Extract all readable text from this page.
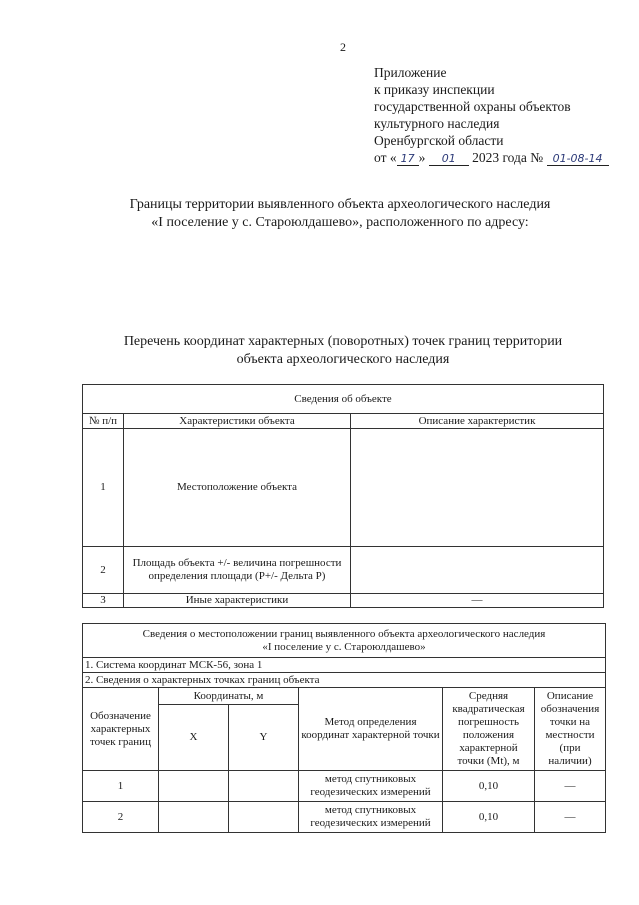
2
Приложение
к приказу инспекции
государственной охраны объектов
культурного наследия
Оренбургской области
от « 17 » 01 2023 года № 01-08-14
Границы территории выявленного объекта археологического наследия
«I поселение у с. Староюлдашево», расположенного по адресу:
Перечень координат характерных (поворотных) точек границ территории
объекта археологического наследия
Сведения об объекте		
№ п/п	Характеристики объекта	Описание характеристик
1	Местоположение объекта	
2	Площадь объекта +/- величина погрешности определения площади (P+/- Дельта P)	
3	Иные характеристики	—
Сведения о местоположении границ выявленного объекта археологического наследия
«I поселение у с. Староюлдашево»					

1. Система координат МСК-56, зона 1					
2. Сведения о характерных точках границ объекта					
Обозначение характерных точек границ	Координаты, м		Метод определения координат характерной точки	Средняя квадратическая погрешность положения характерной точки (Mt), м	Описание обозначения точки на местности (при наличии)
	X	Y			
1			метод спутниковых геодезических измерений	0,10	—
2			метод спутниковых геодезических измерений	0,10	—
